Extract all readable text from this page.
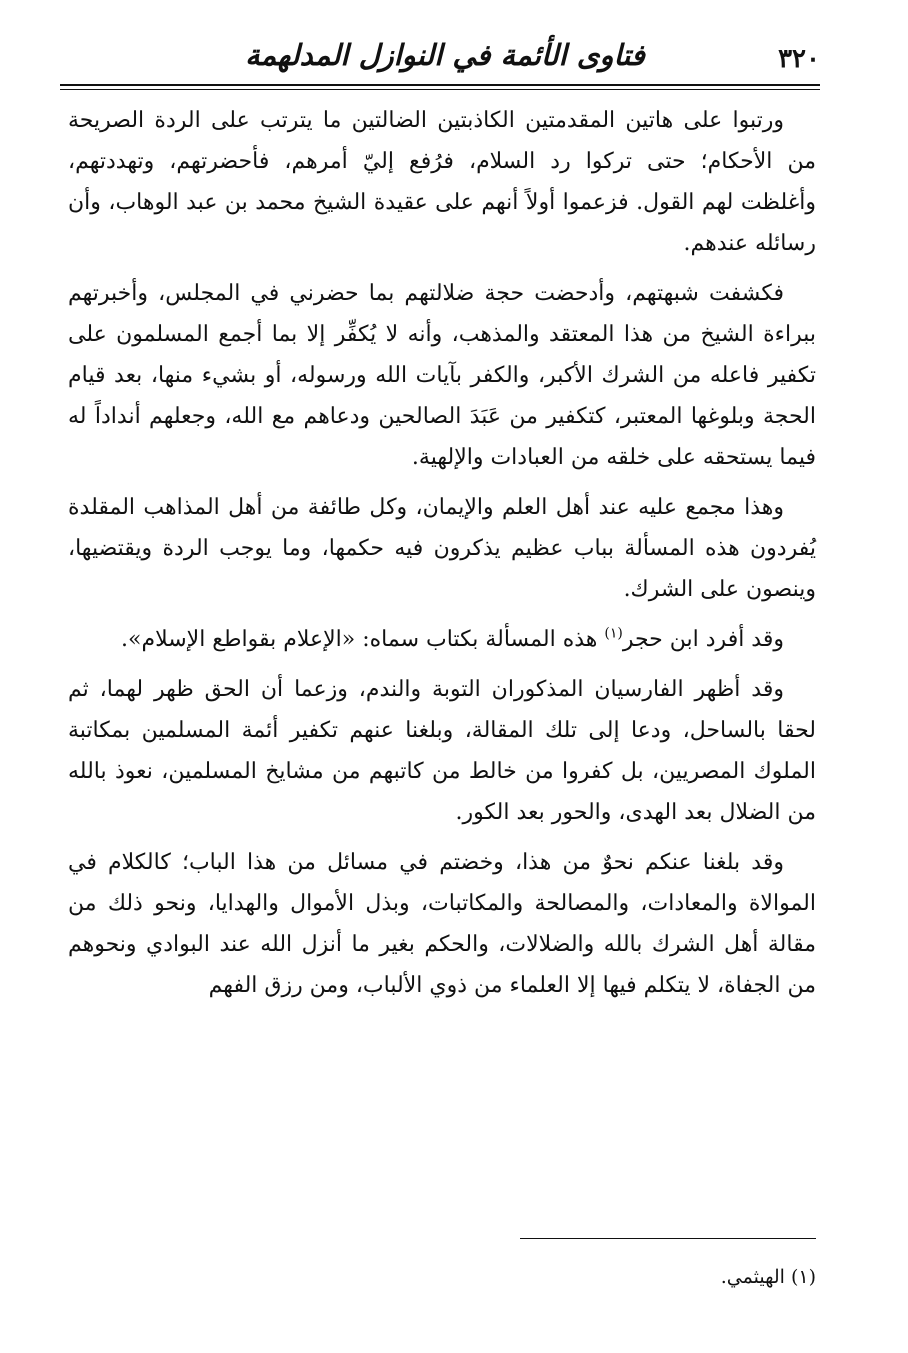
٣٢٠
فتاوى الأئمة في النوازل المدلهمة

ورتبوا على هاتين المقدمتين الكاذبتين الضالتين ما يترتب على الردة الصريحة من الأحكام؛ حتى تركوا رد السلام، فرُفع إليّ أمرهم، فأحضرتهم، وتهددتهم، وأغلظت لهم القول. فزعموا أولاً أنهم على عقيدة الشيخ محمد بن عبد الوهاب، وأن رسائله عندهم.

فكشفت شبهتهم، وأدحضت حجة ضلالتهم بما حضرني في المجلس، وأخبرتهم ببراءة الشيخ من هذا المعتقد والمذهب، وأنه لا يُكفِّر إلا بما أجمع المسلمون على تكفير فاعله من الشرك الأكبر، والكفر بآيات الله ورسوله، أو بشيء منها، بعد قيام الحجة وبلوغها المعتبر، كتكفير من عَبَدَ الصالحين ودعاهم مع الله، وجعلهم أنداداً له فيما يستحقه على خلقه من العبادات والإلهية.

وهذا مجمع عليه عند أهل العلم والإيمان، وكل طائفة من أهل المذاهب المقلدة يُفردون هذه المسألة بباب عظيم يذكرون فيه حكمها، وما يوجب الردة ويقتضيها، وينصون على الشرك.

وقد أفرد ابن حجر$^{(١)}$ هذه المسألة بكتاب سماه: «الإعلام بقواطع الإسلام».

وقد أظهر الفارسيان المذكوران التوبة والندم، وزعما أن الحق ظهر لهما، ثم لحقا بالساحل، ودعا إلى تلك المقالة، وبلغنا عنهم تكفير أئمة المسلمين بمكاتبة الملوك المصريين، بل كفروا من خالط من كاتبهم من مشايخ المسلمين، نعوذ بالله من الضلال بعد الهدى، والحور بعد الكور.

وقد بلغنا عنكم نحوٌ من هذا، وخضتم في مسائل من هذا الباب؛ كالكلام في الموالاة والمعادات، والمصالحة والمكاتبات، وبذل الأموال والهدايا، ونحو ذلك من مقالة أهل الشرك بالله والضلالات، والحكم بغير ما أنزل الله عند البوادي ونحوهم من الجفاة، لا يتكلم فيها إلا العلماء من ذوي الألباب، ومن رزق الفهم

(١) الهيثمي.
